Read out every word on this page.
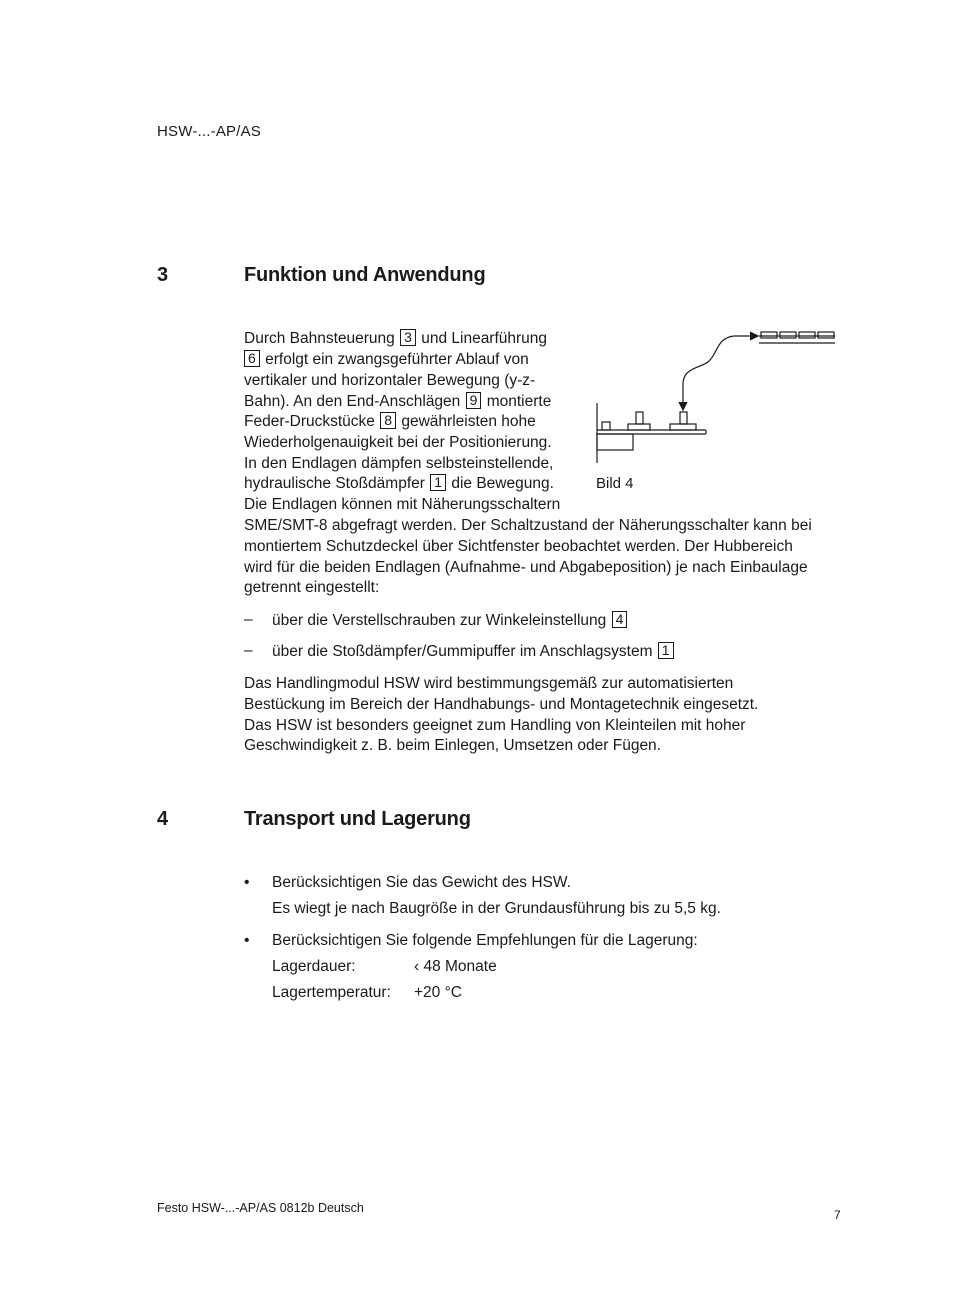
HSW-...-AP/AS
3	Funktion und Anwendung
Durch Bahnsteuerung 3 und Linearführung
6 erfolgt ein zwangsgeführter Ablauf von
vertikaler und horizontaler Bewegung (y-z-
Bahn). An den End-Anschlägen 9 montierte
Feder-Druckstücke 8 gewährleisten hohe
Wiederholgenauigkeit bei der Positionierung.
In den Endlagen dämpfen selbsteinstellende,
hydraulische Stoßdämpfer 1 die Bewegung.
Die Endlagen können mit Näherungsschaltern
SME/SMT-8 abgefragt werden. Der Schaltzustand der Näherungsschalter kann bei
montiertem Schutzdeckel über Sichtfenster beobachtet werden. Der Hubbereich
wird für die beiden Endlagen (Aufnahme- und Abgabeposition) je nach Einbaulage
getrennt eingestellt:
Bild 4
– über die Verstellschrauben zur Winkeleinstellung 4
– über die Stoßdämpfer/Gummipuffer im Anschlagsystem 1
Das Handlingmodul HSW wird bestimmungsgemäß zur automatisierten
Bestückung im Bereich der Handhabungs- und Montagetechnik eingesetzt.
Das HSW ist besonders geeignet zum Handling von Kleinteilen mit hoher
Geschwindigkeit z. B. beim Einlegen, Umsetzen oder Fügen.
4	Transport und Lagerung
• Berücksichtigen Sie das Gewicht des HSW.
Es wiegt je nach Baugröße in der Grundausführung bis zu 5,5 kg.
• Berücksichtigen Sie folgende Empfehlungen für die Lagerung:
Lagerdauer:	‹ 48 Monate
Lagertemperatur: +20 °C
Festo HSW-...-AP/AS 0812b Deutsch	7
